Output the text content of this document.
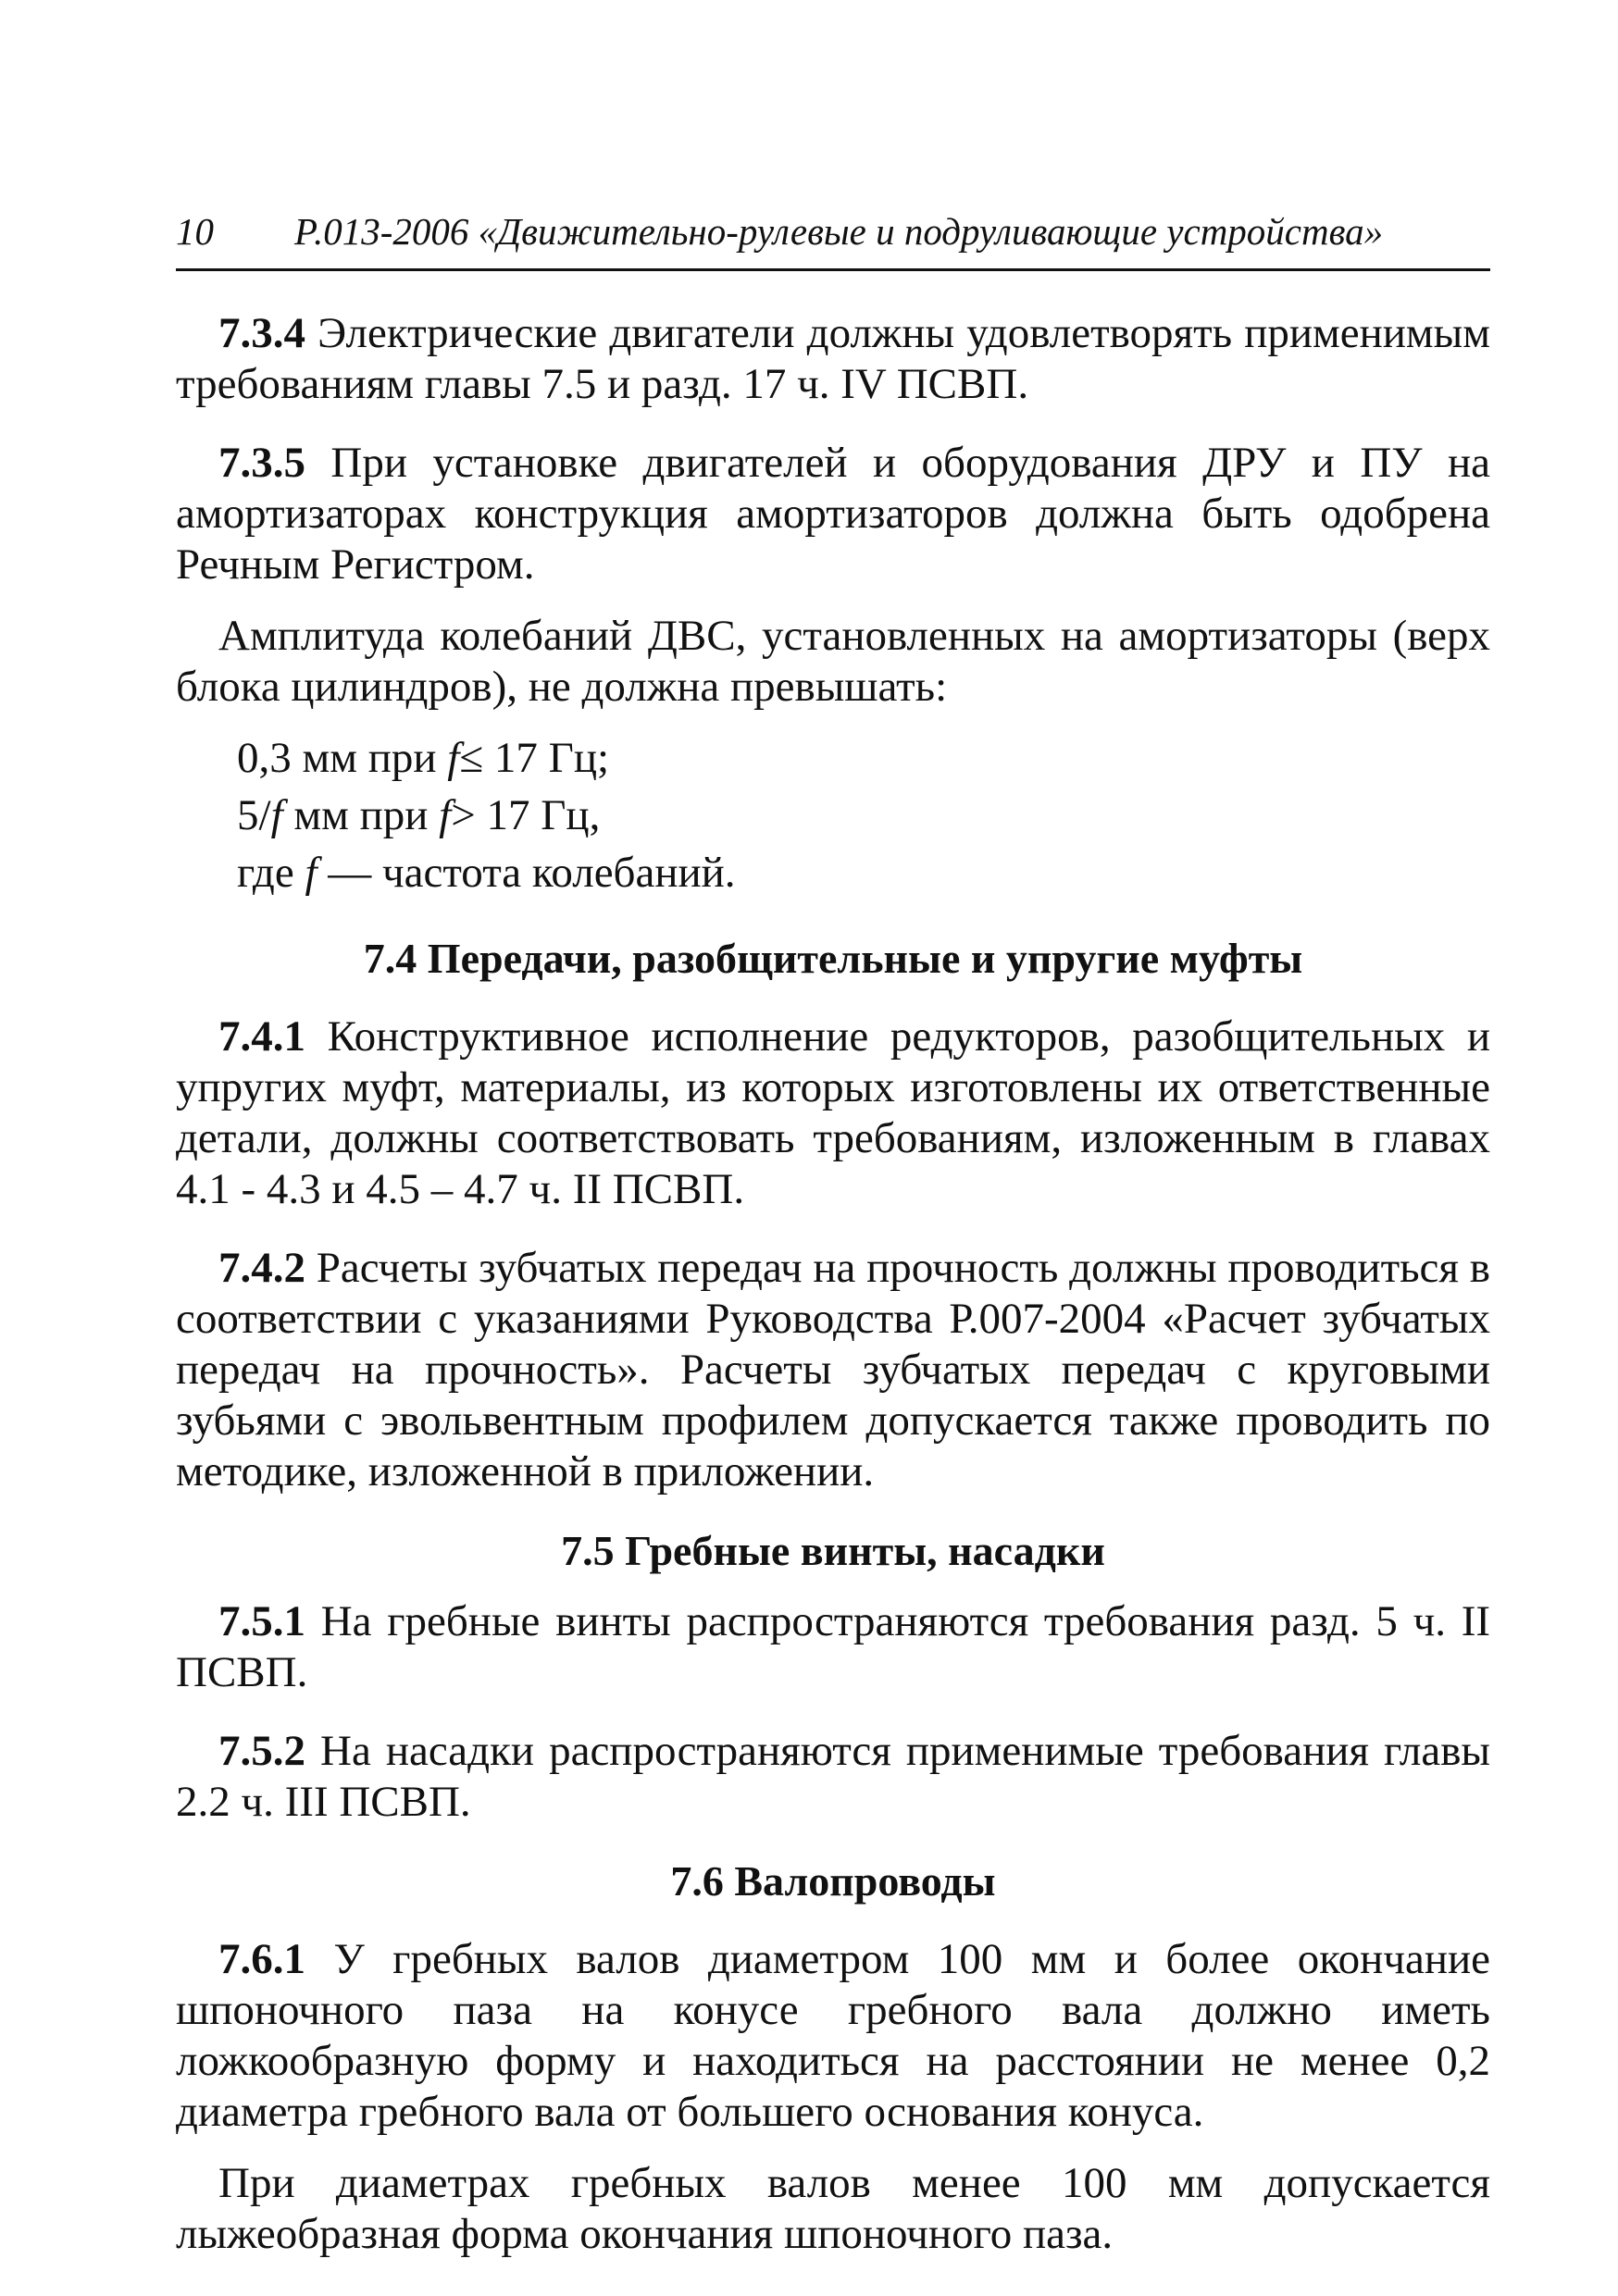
10 Р.013-2006 «Движительно-рулевые и подруливающие устройства»

7.3.4 Электрические двигатели должны удовлетворять применимым требованиям главы 7.5 и разд. 17 ч. IV ПСВП.

7.3.5 При установке двигателей и оборудования ДРУ и ПУ на амортизаторах конструкция амортизаторов должна быть одобрена Речным Регистром.

Амплитуда колебаний ДВС, установленных на амортизаторы (верх блока цилиндров), не должна превышать:

0,3 мм при f≤ 17 Гц;

5/f мм при f> 17 Гц,

где f — частота колебаний.

7.4 Передачи, разобщительные и упругие муфты

7.4.1 Конструктивное исполнение редукторов, разобщительных и упругих муфт, материалы, из которых изготовлены их ответственные детали, должны соответствовать требованиям, изложенным в главах 4.1 - 4.3 и 4.5 – 4.7 ч. II ПСВП.

7.4.2 Расчеты зубчатых передач на прочность должны проводиться в соответствии с указаниями Руководства Р.007-2004 «Расчет зубчатых передач на прочность». Расчеты зубчатых передач с круговыми зубьями с эвольвентным профилем допускается также проводить по методике, изложенной в приложении.

7.5 Гребные винты, насадки

7.5.1 На гребные винты распространяются требования разд. 5 ч. II ПСВП.

7.5.2 На насадки распространяются применимые требования главы 2.2 ч. III ПСВП.

7.6 Валопроводы

7.6.1 У гребных валов диаметром 100 мм и более окончание шпоночного паза на конусе гребного вала должно иметь ложкообразную форму и находиться на расстоянии не менее 0,2 диаметра гребного вала от большего основания конуса.

При диаметрах гребных валов менее 100 мм допускается лыжеобразная форма окончания шпоночного паза.
